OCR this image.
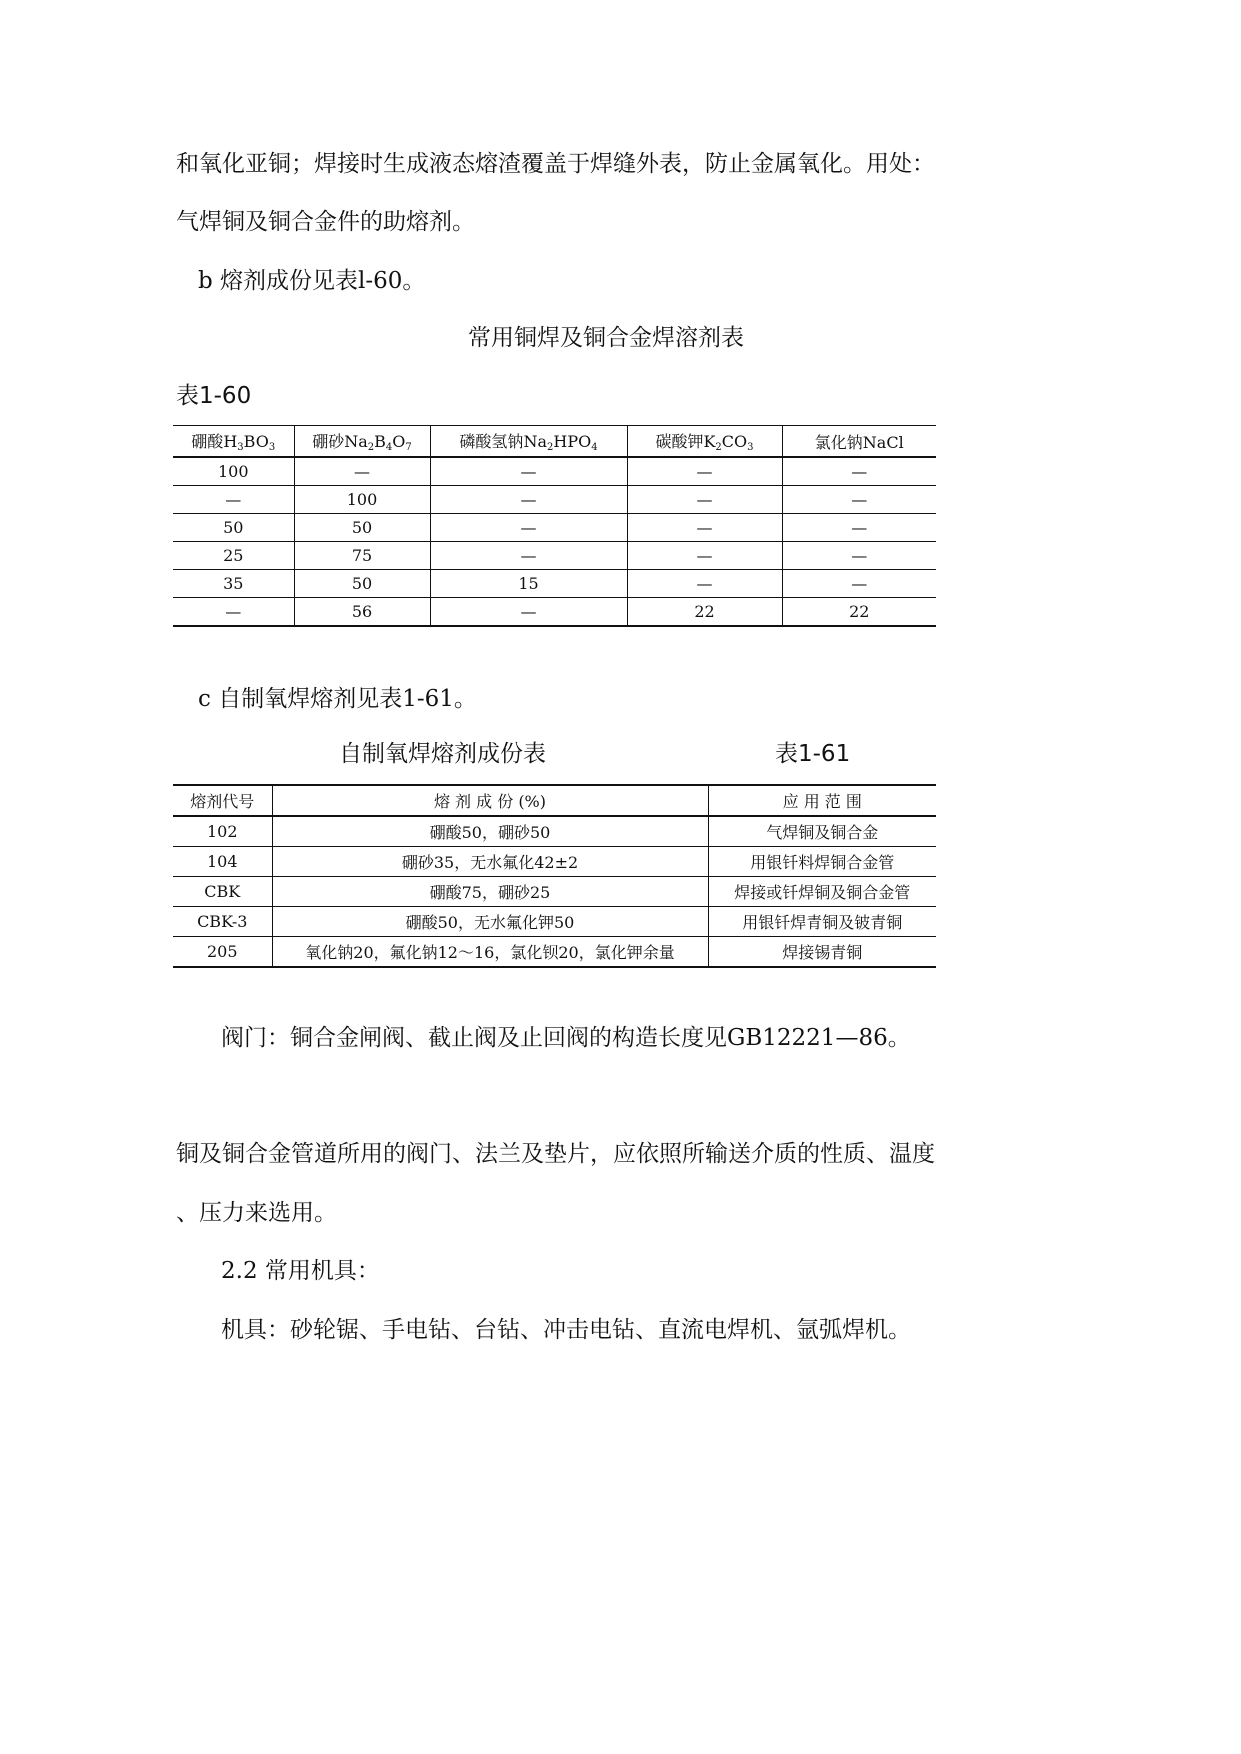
和氧化亚铜；焊接时生成液态熔渣覆盖于焊缝外表，防止金属氧化。用处：
气焊铜及铜合金件的助熔剂。
b 熔剂成份见表l-60。
常用铜焊及铜合金焊溶剂表
表1-60
硼酸$H_3BO_3$	硼砂$Na_2B_4O_7$	磷酸氢钠$Na_2HPO_4$	碳酸钾$K_2CO_3$	氯化钠NaCl
100	—	—	—	—
—	100	—	—	—
50	50	—	—	—
25	75	—	—	—
35	50	15	—	—
—	56	—	22	22
c 自制氧焊熔剂见表1-61。
自制氧焊熔剂成份表	表1-61
熔剂代号	熔 剂 成 份 (%)	应 用 范 围
102	硼酸50，硼砂50	气焊铜及铜合金
104	硼砂35，无水氟化42±2	用银钎料焊铜合金管
CBK	硼酸75，硼砂25	焊接或钎焊铜及铜合金管
CBK-3	硼酸50，无水氟化钾50	用银钎焊青铜及铍青铜
205	氧化钠20，氟化钠12～16，氯化钡20，氯化钾余量	焊接锡青铜
阀门：铜合金闸阀、截止阀及止回阀的构造长度见GB12221—86。
铜及铜合金管道所用的阀门、法兰及垫片，应依照所输送介质的性质、温度
、压力来选用。
2.2 常用机具：
机具：砂轮锯、手电钻、台钻、冲击电钻、直流电焊机、氩弧焊机。
